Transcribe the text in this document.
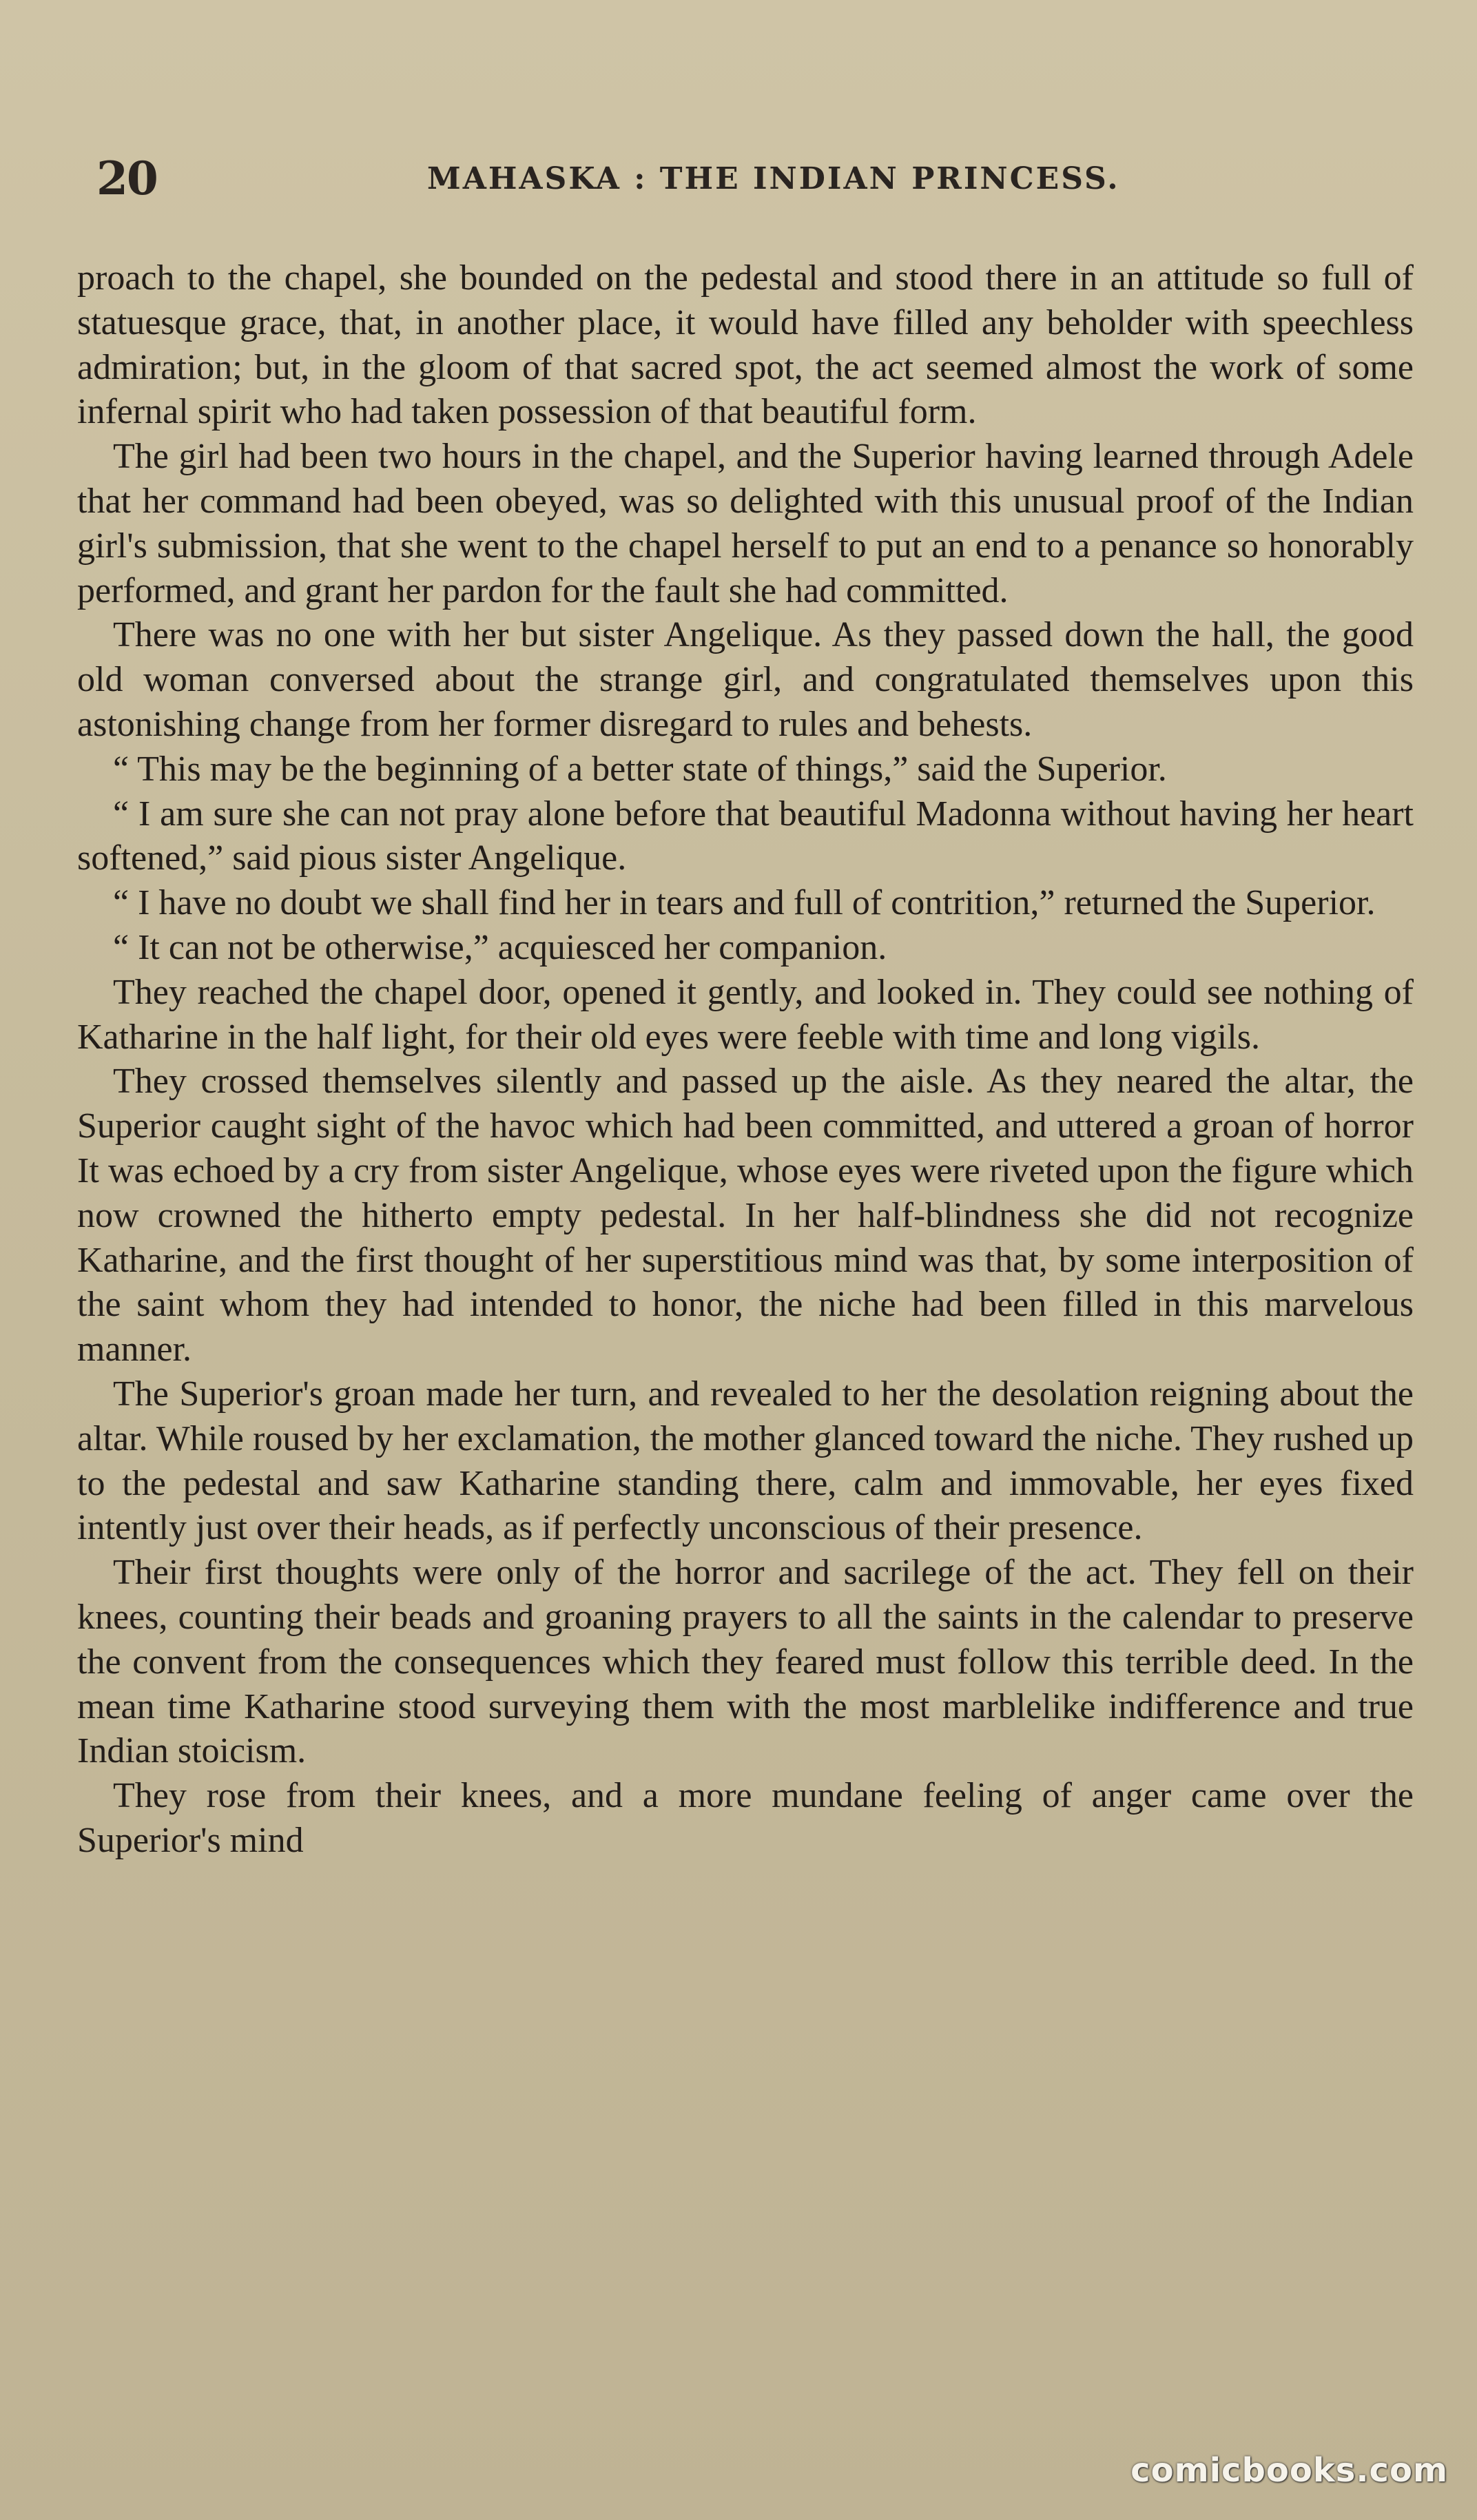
20	MAHASKA : THE INDIAN PRINCESS.

proach to the chapel, she bounded on the pedestal and stood there in an attitude so full of statuesque grace, that, in another place, it would have filled any beholder with speechless admiration; but, in the gloom of that sacred spot, the act seemed almost the work of some infernal spirit who had taken possession of that beautiful form.

The girl had been two hours in the chapel, and the Superior having learned through Adele that her command had been obeyed, was so delighted with this unusual proof of the Indian girl's submission, that she went to the chapel herself to put an end to a penance so honorably performed, and grant her pardon for the fault she had committed.

There was no one with her but sister Angelique. As they passed down the hall, the good old woman conversed about the strange girl, and congratulated themselves upon this astonishing change from her former disregard to rules and behests.

“ This may be the beginning of a better state of things,” said the Superior.

“ I am sure she can not pray alone before that beautiful Madonna without having her heart softened,” said pious sister Angelique.

“ I have no doubt we shall find her in tears and full of contrition,” returned the Superior.

“ It can not be otherwise,” acquiesced her companion.

They reached the chapel door, opened it gently, and looked in. They could see nothing of Katharine in the half light, for their old eyes were feeble with time and long vigils.

They crossed themselves silently and passed up the aisle. As they neared the altar, the Superior caught sight of the havoc which had been committed, and uttered a groan of horror It was echoed by a cry from sister Angelique, whose eyes were riveted upon the figure which now crowned the hitherto empty pedestal. In her half-blindness she did not recognize Katharine, and the first thought of her superstitious mind was that, by some interposition of the saint whom they had intended to honor, the niche had been filled in this marvelous manner.

The Superior's groan made her turn, and revealed to her the desolation reigning about the altar. While roused by her exclamation, the mother glanced toward the niche. They rushed up to the pedestal and saw Katharine standing there, calm and immovable, her eyes fixed intently just over their heads, as if perfectly unconscious of their presence.

Their first thoughts were only of the horror and sacrilege of the act. They fell on their knees, counting their beads and groaning prayers to all the saints in the calendar to preserve the convent from the consequences which they feared must follow this terrible deed. In the mean time Katharine stood surveying them with the most marblelike indifference and true Indian stoicism.

They rose from their knees, and a more mundane feeling of anger came over the Superior's mind

comicbooks.com
